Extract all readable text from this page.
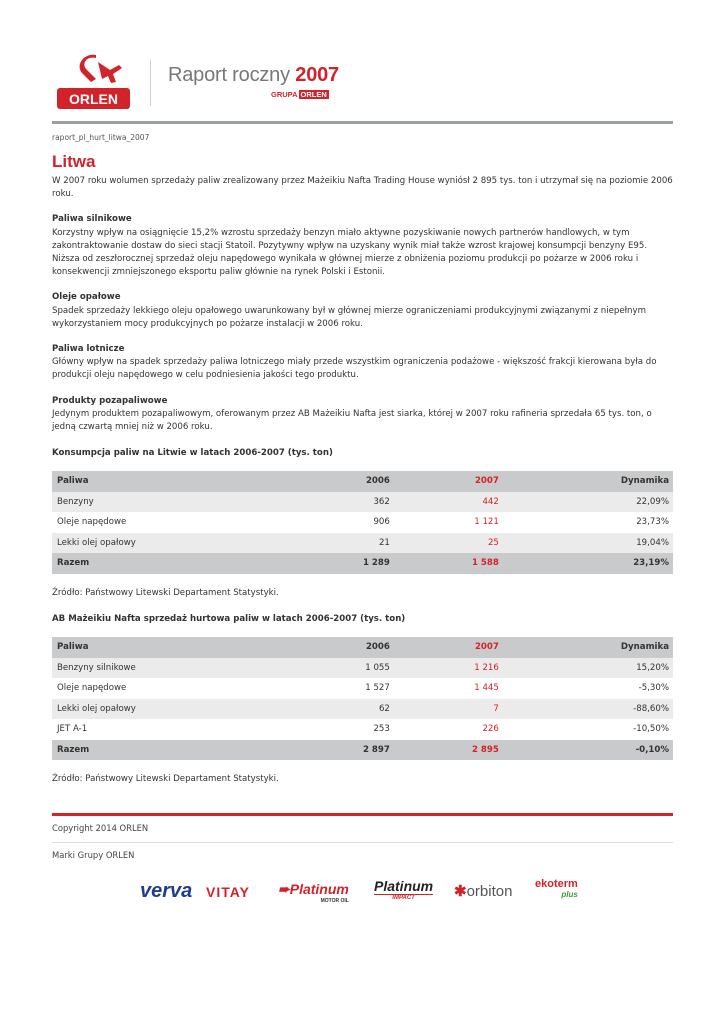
ORLEN
Raport roczny 2007
GRUPA ORLEN
raport_pl_hurt_litwa_2007
Litwa

W 2007 roku wolumen sprzedaży paliw zrealizowany przez Mażeikiu Nafta Trading House wyniósł 2 895 tys. ton i utrzymał się na poziomie 2006 roku.

Paliwa silnikowe

Korzystny wpływ na osiągnięcie 15,2% wzrostu sprzedaży benzyn miało aktywne pozyskiwanie nowych partnerów handlowych, w tym zakontraktowanie dostaw do sieci stacji Statoil. Pozytywny wpływ na uzyskany wynik miał także wzrost krajowej konsumpcji benzyny E95. Niższa od zeszłorocznej sprzedaż oleju napędowego wynikała w głównej mierze z obniżenia poziomu produkcji po pożarze w 2006 roku i konsekwencji zmniejszonego eksportu paliw głównie na rynek Polski i Estonii.

Oleje opałowe

Spadek sprzedaży lekkiego oleju opałowego uwarunkowany był w głównej mierze ograniczeniami produkcyjnymi związanymi z niepełnym wykorzystaniem mocy produkcyjnych po pożarze instalacji w 2006 roku.

Paliwa lotnicze

Główny wpływ na spadek sprzedaży paliwa lotniczego miały przede wszystkim ograniczenia podażowe - większość frakcji kierowana była do produkcji oleju napędowego w celu podniesienia jakości tego produktu.

Produkty pozapaliwowe

Jedynym produktem pozapaliwowym, oferowanym przez AB Mażeikiu Nafta jest siarka, której w 2007 roku rafineria sprzedała 65 tys. ton, o jedną czwartą mniej niż w 2006 roku.

Konsumpcja paliw na Litwie w latach 2006-2007 (tys. ton)

Paliwa	2006	2007	Dynamika
Benzyny	362	442	22,09%
Oleje napędowe	906	1 121	23,73%
Lekki olej opałowy	21	25	19,04%
Razem	1 289	1 588	23,19%

Źródło: Państwowy Litewski Departament Statystyki.

AB Mażeikiu Nafta sprzedaż hurtowa paliw w latach 2006-2007 (tys. ton)

Paliwa	2006	2007	Dynamika
Benzyny silnikowe	1 055	1 216	15,20%
Oleje napędowe	1 527	1 445	-5,30%
Lekki olej opałowy	62	7	-88,60%
JET A-1	253	226	-10,50%
Razem	2 897	2 895	-0,10%

Źródło: Państwowy Litewski Departament Statystyki.

Copyright 2014 ORLEN
Marki Grupy ORLEN
verva VITAY ➨Platinum
MOTOR OIL
Platinum
IMPACT	✱orbiton ekoterm
plus
